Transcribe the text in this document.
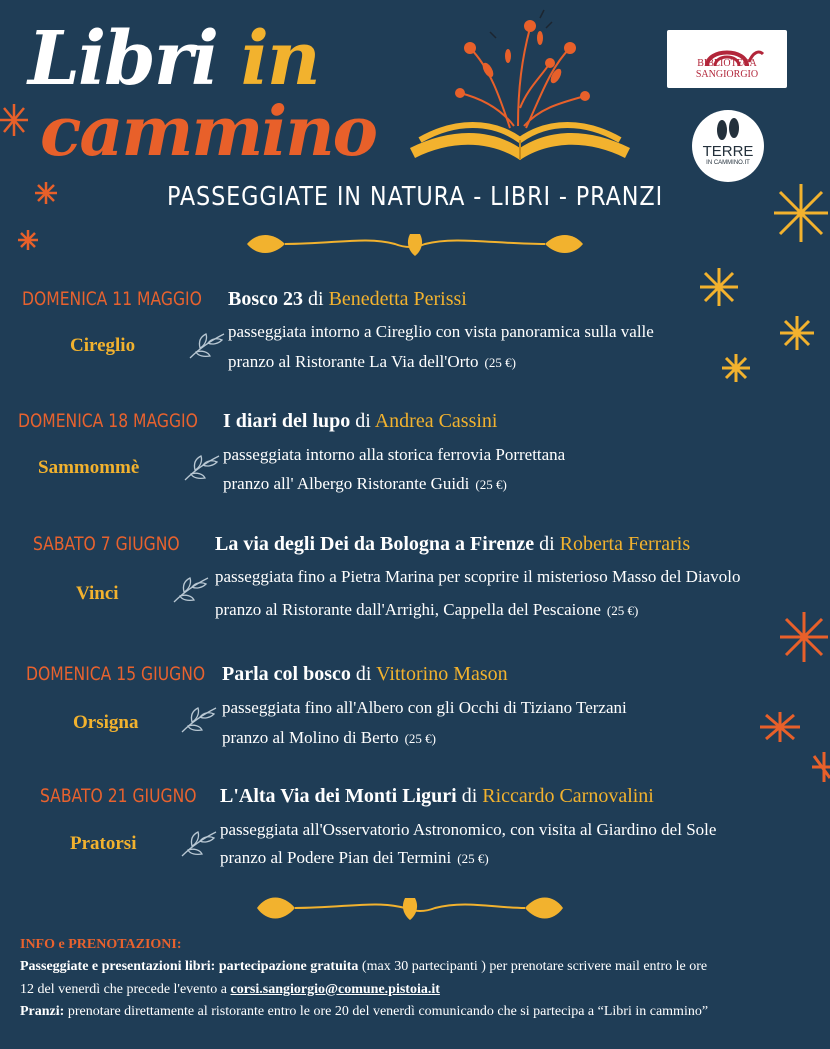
Libri in
cammino
BIBLIOTECA SANGIORGIO
TERRE
IN CAMMINO.IT
PASSEGGIATE IN NATURA - LIBRI - PRANZI
DOMENICA 11 MAGGIO Bosco 23 di Benedetta Perissi
Cireglio
passeggiata intorno a Cireglio con vista panoramica sulla valle
pranzo al Ristorante La Via dell'Orto (25 €)
DOMENICA 18 MAGGIO I diari del lupo di Andrea Cassini
Sammommè
passeggiata intorno alla storica ferrovia Porrettana
pranzo all' Albergo Ristorante Guidi (25 €)
SABATO 7 GIUGNO La via degli Dei da Bologna a Firenze di Roberta Ferraris
Vinci
passeggiata fino a Pietra Marina per scoprire il misterioso Masso del Diavolo
pranzo al Ristorante dall'Arrighi, Cappella del Pescaione (25 €)
DOMENICA 15 GIUGNO Parla col bosco di Vittorino Mason
Orsigna
passeggiata fino all'Albero con gli Occhi di Tiziano Terzani
pranzo al Molino di Berto (25 €)
SABATO 21 GIUGNO L'Alta Via dei Monti Liguri di Riccardo Carnovalini
Pratorsi
passeggiata all'Osservatorio Astronomico, con visita al Giardino del Sole
pranzo al Podere Pian dei Termini (25 €)
INFO e PRENOTAZIONI:
Passeggiate e presentazioni libri: partecipazione gratuita (max 30 partecipanti ) per prenotare scrivere mail entro le ore
12 del venerdì che precede l'evento a corsi.sangiorgio@comune.pistoia.it
Pranzi: prenotare direttamente al ristorante entro le ore 20 del venerdì comunicando che si partecipa a “Libri in cammino”
